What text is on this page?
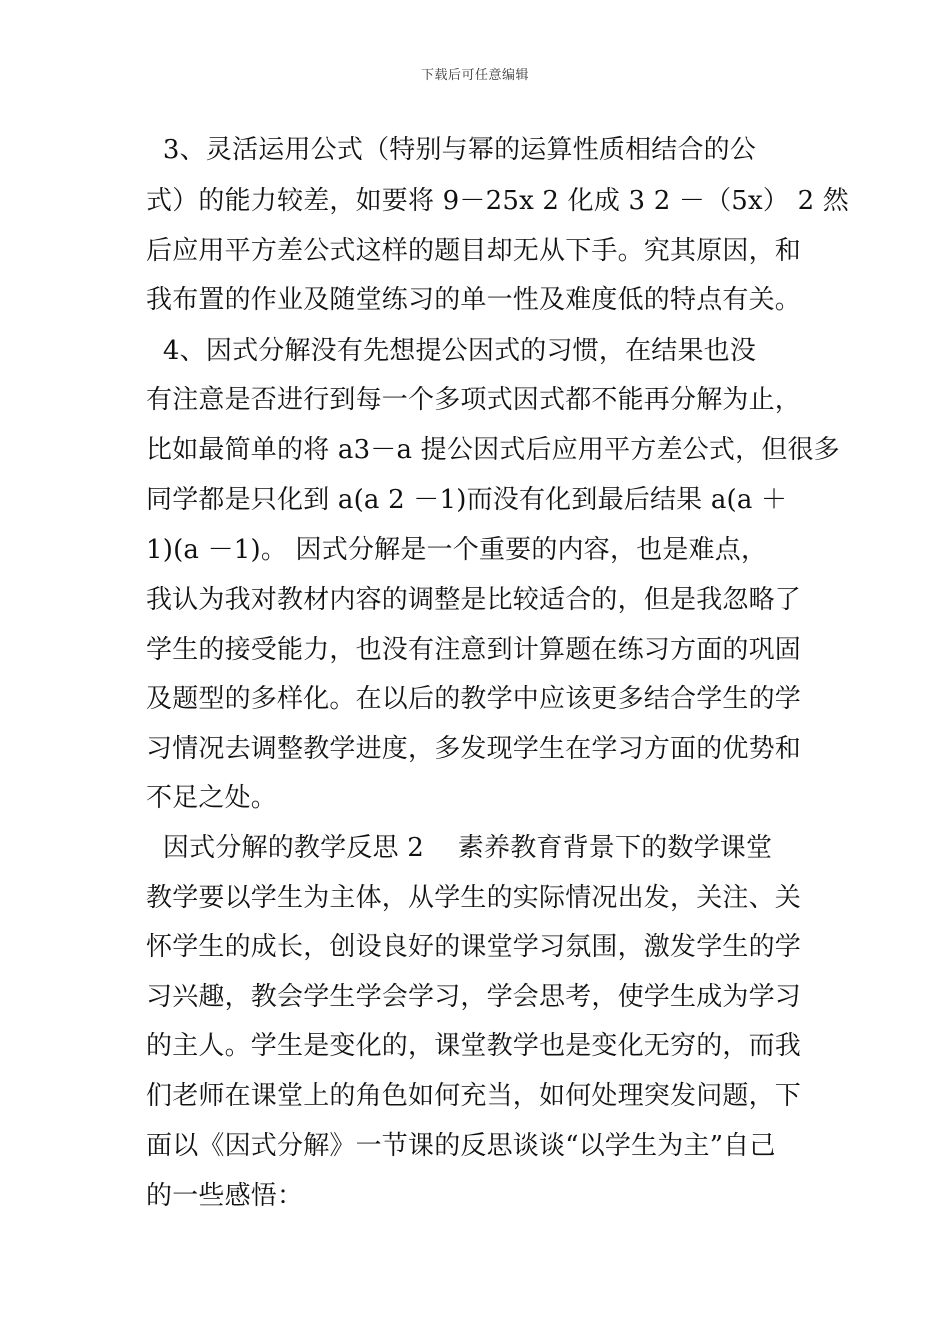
下载后可任意编辑
3、灵活运用公式（特别与幂的运算性质相结合的公
式）的能力较差，如要将 9－25x 2 化成 3 2 －（5x） 2 然
后应用平方差公式这样的题目却无从下手。究其原因，和
我布置的作业及随堂练习的单一性及难度低的特点有关。
4、因式分解没有先想提公因式的习惯，在结果也没
有注意是否进行到每一个多项式因式都不能再分解为止，
比如最简单的将 a3－a 提公因式后应用平方差公式，但很多
同学都是只化到 a(a 2 －1)而没有化到最后结果 a(a ＋
1)(a －1)。 因式分解是一个重要的内容，也是难点，
我认为我对教材内容的调整是比较适合的，但是我忽略了
学生的接受能力，也没有注意到计算题在练习方面的巩固
及题型的多样化。在以后的教学中应该更多结合学生的学
习情况去调整教学进度，多发现学生在学习方面的优势和
不足之处。
因式分解的教学反思 2    素养教育背景下的数学课堂
教学要以学生为主体，从学生的实际情况出发，关注、关
怀学生的成长，创设良好的课堂学习氛围，激发学生的学
习兴趣，教会学生学会学习，学会思考，使学生成为学习
的主人。学生是变化的，课堂教学也是变化无穷的，而我
们老师在课堂上的角色如何充当，如何处理突发问题，下
面以《因式分解》一节课的反思谈谈“以学生为主”自己
的一些感悟：
